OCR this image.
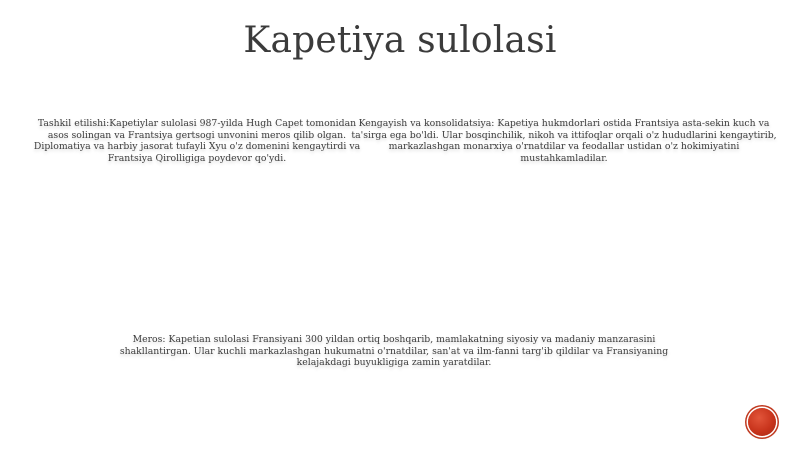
Kapetiya sulolasi

Tashkil etilishi:Kapetiylar sulolasi 987-yilda Hugh Capet tomonidan asos solingan va Frantsiya gertsogi unvonini meros qilib olgan. Diplomatiya va harbiy jasorat tufayli Xyu o'z domenini kengaytirdi va Frantsiya Qirolligiga poydevor qo'ydi.

Kengayish va konsolidatsiya: Kapetiya hukmdorlari ostida Frantsiya asta-sekin kuch va ta'sirga ega bo'ldi. Ular bosqinchilik, nikoh va ittifoqlar orqali o'z hududlarini kengaytirib, markazlashgan monarxiya o'rnatdilar va feodallar ustidan o'z hokimiyatini mustahkamladilar.

Meros: Kapetian sulolasi Fransiyani 300 yildan ortiq boshqarib, mamlakatning siyosiy va madaniy manzarasini shakllantirgan. Ular kuchli markazlashgan hukumatni o'rnatdilar, san'at va ilm-fanni targ'ib qildilar va Fransiyaning kelajakdagi buyukligiga zamin yaratdilar.
